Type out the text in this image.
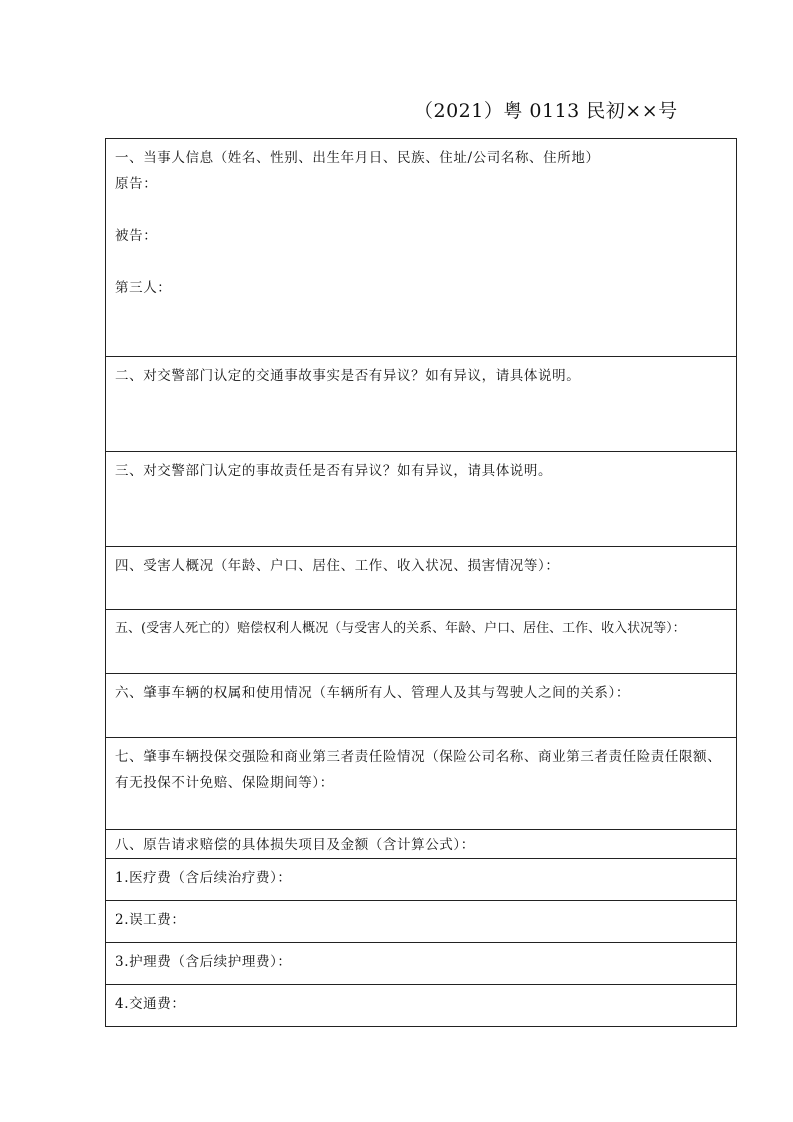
（2021）粤 0113 民初××号
一、当事人信息（姓名、性别、出生年月日、民族、住址/公司名称、住所地）
原告：
被告：
第三人：

二、对交警部门认定的交通事故事实是否有异议？如有异议，请具体说明。

三、对交警部门认定的事故责任是否有异议？如有异议，请具体说明。

四、受害人概况（年龄、户口、居住、工作、收入状况、损害情况等）：

五、(受害人死亡的）赔偿权利人概况（与受害人的关系、年龄、户口、居住、工作、收入状况等）：

六、肇事车辆的权属和使用情况（车辆所有人、管理人及其与驾驶人之间的关系）：

七、肇事车辆投保交强险和商业第三者责任险情况（保险公司名称、商业第三者责任险责任限额、有无投保不计免赔、保险期间等）：

八、原告请求赔偿的具体损失项目及金额（含计算公式）：

1.医疗费（含后续治疗费）：

2.误工费：

3.护理费（含后续护理费）：

4.交通费：
